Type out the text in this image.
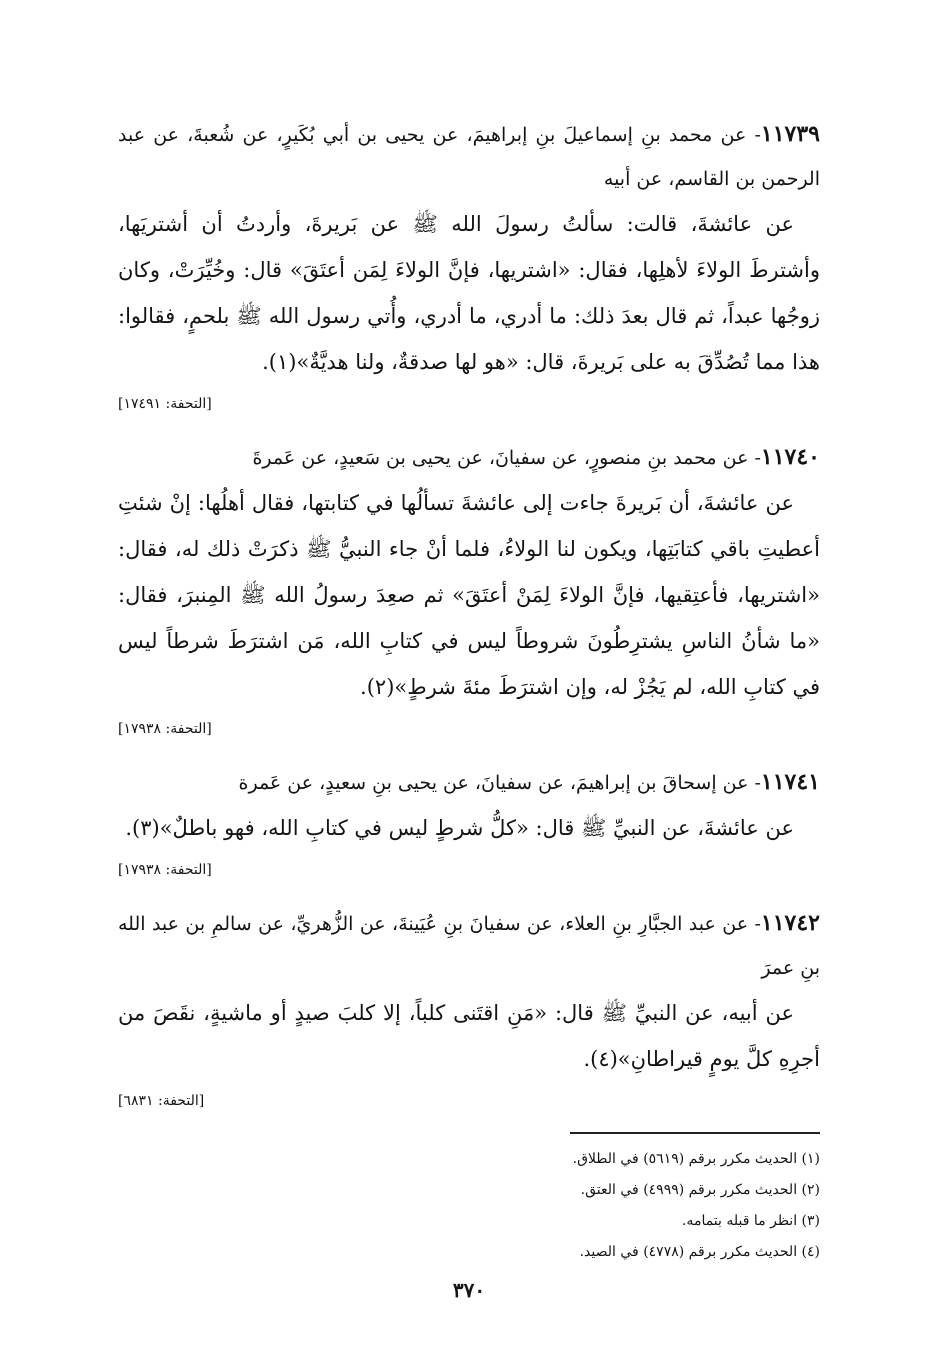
١١٧٣٩- عن محمد بنِ إسماعيلَ بنِ إبراهيمَ، عن يحيى بن أبي بُكَيرٍ، عن شُعبةَ، عن عبد الرحمن بن القاسم، عن أبيه

عن عائشةَ، قالت: سألتُ رسولَ الله ﷺ عن بَريرةَ، وأردتُ أن أشتريَها، وأشترطَ الولاءَ لأهلِها، فقال: «اشتريها، فإنَّ الولاءَ لِمَن أعتَقَ» قال: وخُيِّرَتْ، وكان زوجُها عبداً، ثم قال بعدَ ذلك: ما أدري، ما أدري، وأُتي رسول الله ﷺ بلحمٍ، فقالوا: هذا مما تُصُدِّقَ به على بَريرةَ، قال: «هو لها صدقةٌ، ولنا هديَّةٌ»(١).

[التحفة: ١٧٤٩١]

١١٧٤٠- عن محمد بنِ منصورٍ، عن سفيانَ، عن يحيى بن سَعيدٍ، عن عَمرةَ

عن عائشةَ، أن بَريرةَ جاءت إلى عائشةَ تسألُها في كتابتها، فقال أهلُها: إنْ شئتِ أعطيتِ باقي كتابَتِها، ويكون لنا الولاءُ، فلما أنْ جاء النبيُّ ﷺ ذكرَتْ ذلك له، فقال: «اشتريها، فأعتِقيها، فإنَّ الولاءَ لِمَنْ أعتَقَ» ثم صعِدَ رسولُ الله ﷺ المِنبرَ، فقال: «ما شأنُ الناسِ يشترِطُونَ شروطاً ليس في كتابِ الله، مَن اشترَطَ شرطاً ليس في كتابِ الله، لم يَجُزْ له، وإن اشترَطَ مئةَ شرطٍ»(٢).

[التحفة: ١٧٩٣٨]

١١٧٤١- عن إسحاقَ بن إبراهيمَ، عن سفيانَ، عن يحيى بنِ سعيدٍ، عن عَمرة

عن عائشةَ، عن النبيِّ ﷺ قال: «كلُّ شرطٍ ليس في كتابِ الله، فهو باطلٌ»(٣).

[التحفة: ١٧٩٣٨]

١١٧٤٢- عن عبد الجبَّارِ بنِ العلاء، عن سفيانَ بنِ عُيَينةَ، عن الزُّهريِّ، عن سالمِ بن عبد الله بنِ عمرَ

عن أبيه، عن النبيِّ ﷺ قال: «مَنِ اقتَنى كلباً، إلا كلبَ صيدٍ أو ماشيةٍ، نقَصَ من أجرِهِ كلَّ يومٍ قيراطانِ»(٤).

[التحفة: ٦٨٣١]
(١) الحديث مكرر برقم (٥٦١٩) في الطلاق.
(٢) الحديث مكرر برقم (٤٩٩٩) في العتق.
(٣) انظر ما قبله بتمامه.
(٤) الحديث مكرر برقم (٤٧٧٨) في الصيد.
٣٧٠
